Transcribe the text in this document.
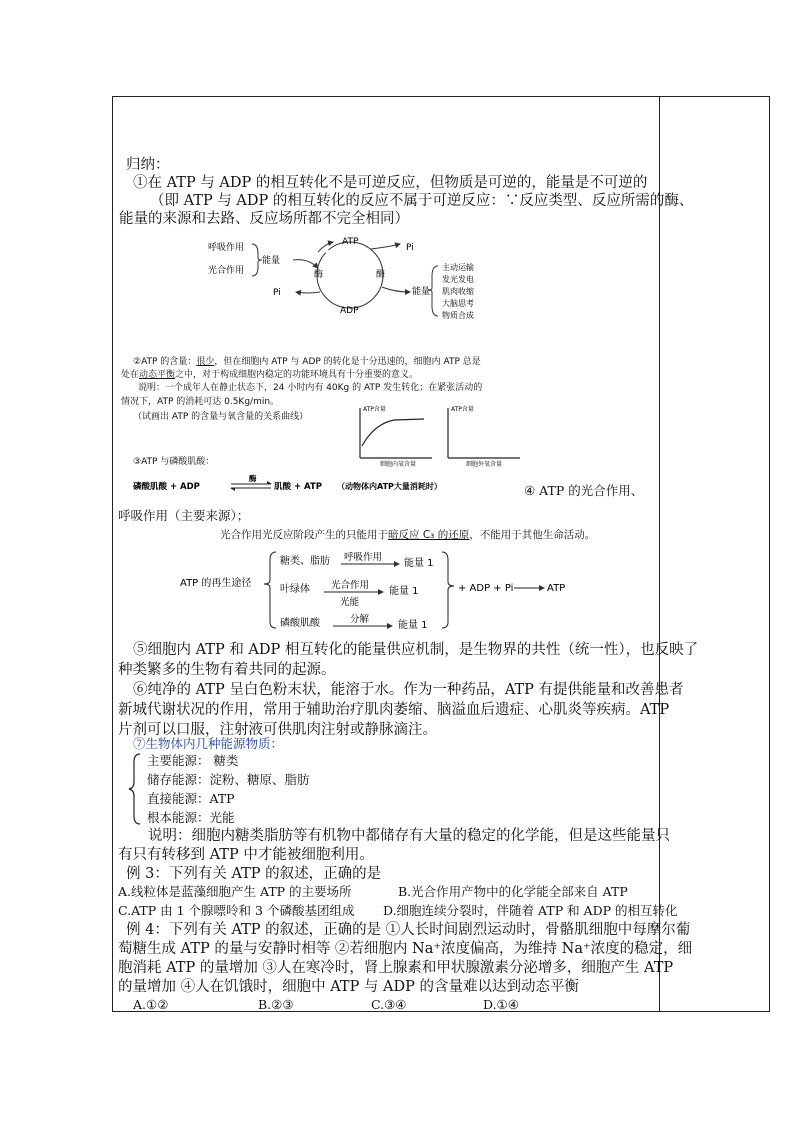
归纳：
①在 ATP 与 ADP 的相互转化不是可逆反应，但物质是可逆的，能量是不可逆的
（即 ATP 与 ADP 的相互转化的反应不属于可逆反应：∵反应类型、反应所需的酶、
能量的来源和去路、反应场所都不完全相同）
呼吸作用
光合作用
能量
ATP
ADP
Pi
Pi
酶	酶
能量
主动运输
发光发电
肌肉收缩
大脑思考
物质合成
②ATP 的含量：很少，但在细胞内 ATP 与 ADP 的转化是十分迅速的，细胞内 ATP 总是
处在动态平衡之中，对于构成细胞内稳定的功能环境具有十分重要的意义。
说明：一个成年人在静止状态下，24 小时内有 40Kg 的 ATP 发生转化；在紧张活动的
情况下，ATP 的消耗可达 0.5Kg/min。
（试画出 ATP 的含量与氧含量的关系曲线）
ATP含量
细胞内氧含量
ATP含量
细胞外氧含量
③ATP 与磷酸肌酸：
磷酸肌酸 + ADP
酶
肌酸 + ATP （动物体内ATP大量消耗时）	④ ATP 的光合作用、
呼吸作用（主要来源）；
光合作用光反应阶段产生的只能用于暗反应 C₃ 的还原，不能用于其他生命活动。
ATP 的再生途径
糖类、脂肪 呼吸作用
能量 1
叶绿体 光合作用
光能
能量 1
磷酸肌酸	分解
能量 1
+ ADP + Pi	ATP
⑤细胞内 ATP 和 ADP 相互转化的能量供应机制，是生物界的共性（统一性），也反映了
种类繁多的生物有着共同的起源。
⑥纯净的 ATP 呈白色粉末状，能溶于水。作为一种药品，ATP 有提供能量和改善患者
新城代谢状况的作用，常用于辅助治疗肌肉萎缩、脑溢血后遗症、心肌炎等疾病。ATP
片剂可以口服，注射液可供肌肉注射或静脉滴注。
⑦生物体内几种能源物质：
主要能源： 糖类
储存能源：淀粉、糖原、脂肪
直接能源：ATP
根本能源：光能
说明：细胞内糖类脂肪等有机物中都储存有大量的稳定的化学能，但是这些能量只
有只有转移到 ATP 中才能被细胞利用。
例 3：下列有关 ATP 的叙述，正确的是
A.线粒体是蓝藻细胞产生 ATP 的主要场所	B.光合作用产物中的化学能全部来自 ATP
C.ATP 由 1 个腺嘌呤和 3 个磷酸基团组成 D.细胞连续分裂时，伴随着 ATP 和 ADP 的相互转化
例 4：下列有关 ATP 的叙述，正确的是 ①人长时间剧烈运动时，骨骼肌细胞中每摩尔葡
萄糖生成 ATP 的量与安静时相等 ②若细胞内 Na⁺浓度偏高，为维持 Na⁺浓度的稳定，细
胞消耗 ATP 的量增加 ③人在寒冷时，肾上腺素和甲状腺激素分泌增多，细胞产生 ATP
的量增加 ④人在饥饿时，细胞中 ATP 与 ADP 的含量难以达到动态平衡
A.①②	B.②③	C.③④	D.①④
